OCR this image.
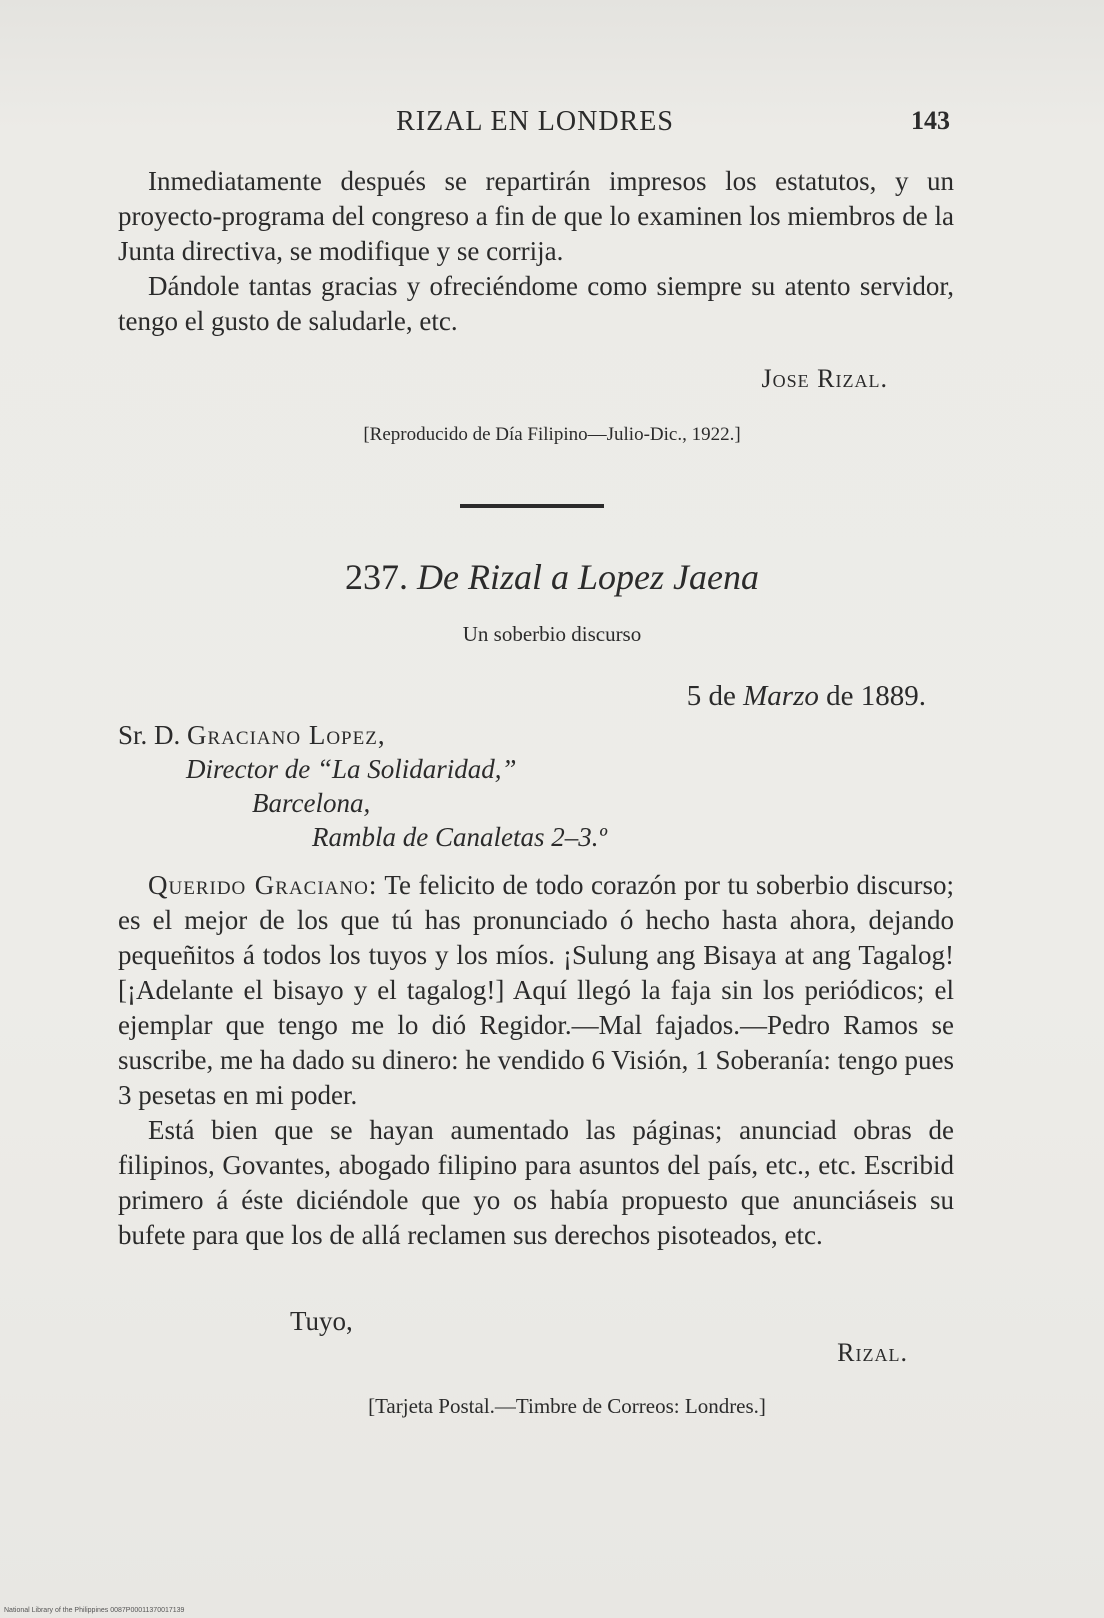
RIZAL EN LONDRES	143

Inmediatamente después se repartirán impresos los estatutos, y un proyecto-programa del congreso a fin de que lo examinen los miembros de la Junta directiva, se modifique y se corrija.

Dándole tantas gracias y ofreciéndome como siempre su atento servidor, tengo el gusto de saludarle, etc.

Jose Rizal.
[Reproducido de Día Filipino—Julio-Dic., 1922.]
237. De Rizal a Lopez Jaena
Un soberbio discurso
5 de Marzo de 1889.
Sr. D. Graciano Lopez,
Director de “La Solidaridad,”
Barcelona,
Rambla de Canaletas 2–3.º

Querido Graciano: Te felicito de todo corazón por tu soberbio discurso; es el mejor de los que tú has pronunciado ó hecho hasta ahora, dejando pequeñitos á todos los tuyos y los míos. ¡Sulung ang Bisaya at ang Tagalog! [¡Adelante el bisayo y el tagalog!] Aquí llegó la faja sin los periódicos; el ejemplar que tengo me lo dió Regidor.—Mal fajados.—Pedro Ramos se suscribe, me ha dado su dinero: he vendido 6 Visión, 1 Soberanía: tengo pues 3 pesetas en mi poder.

Está bien que se hayan aumentado las páginas; anunciad obras de filipinos, Govantes, abogado filipino para asuntos del país, etc., etc. Escribid primero á éste diciéndole que yo os había propuesto que anunciáseis su bufete para que los de allá reclamen sus derechos pisoteados, etc.

Tuyo,
Rizal.
[Tarjeta Postal.—Timbre de Correos: Londres.]
National Library of the Philippines 0087P00011370017139
